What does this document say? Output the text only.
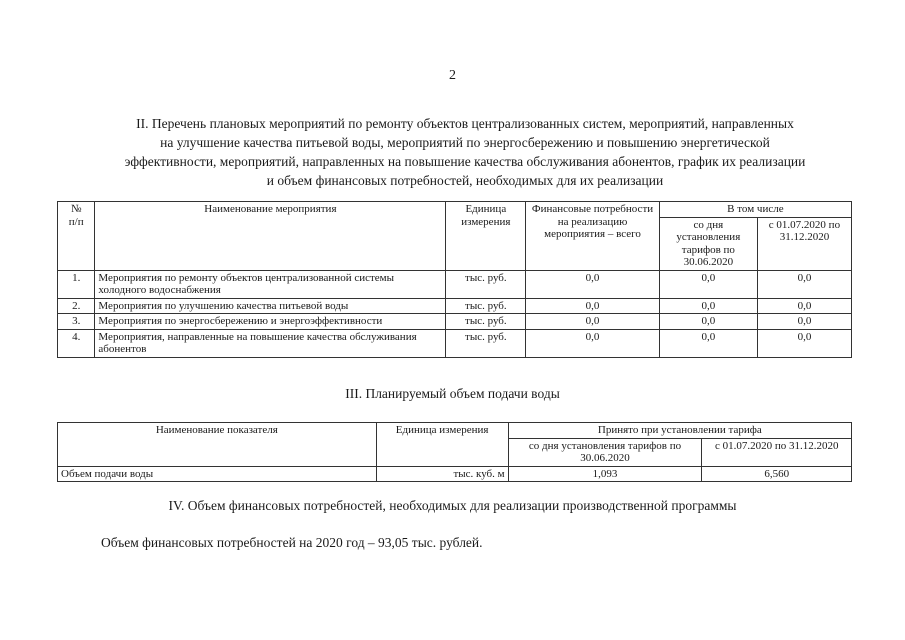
2
II. Перечень плановых мероприятий по ремонту объектов централизованных систем, мероприятий, направленных
на улучшение качества питьевой воды, мероприятий по энергосбережению и повышению энергетической
эффективности, мероприятий, направленных на повышение качества обслуживания абонентов, график их реализации
и объем финансовых потребностей, необходимых для их реализации
№
п/п	Наименование мероприятия	Единица измерения	Финансовые потребности на реализацию мероприятия – всего	В том числе	
				со дня установления тарифов по 30.06.2020	с 01.07.2020 по 31.12.2020
1.	Мероприятия по ремонту объектов централизованной системы холодного водоснабжения	тыс. руб.	0,0	0,0	0,0
2.	Мероприятия по улучшению качества питьевой воды	тыс. руб.	0,0	0,0	0,0
3.	Мероприятия по энергосбережению и энергоэффективности	тыс. руб.	0,0	0,0	0,0
4.	Мероприятия, направленные на повышение качества обслуживания абонентов	тыс. руб.	0,0	0,0	0,0
III. Планируемый объем подачи воды
Наименование показателя	Единица измерения	Принято при установлении тарифа	
		со дня установления тарифов по 30.06.2020	с 01.07.2020 по 31.12.2020
Объем подачи воды	тыс. куб. м	1,093	6,560
IV. Объем финансовых потребностей, необходимых для реализации производственной программы
Объем финансовых потребностей на 2020 год – 93,05 тыс. рублей.
